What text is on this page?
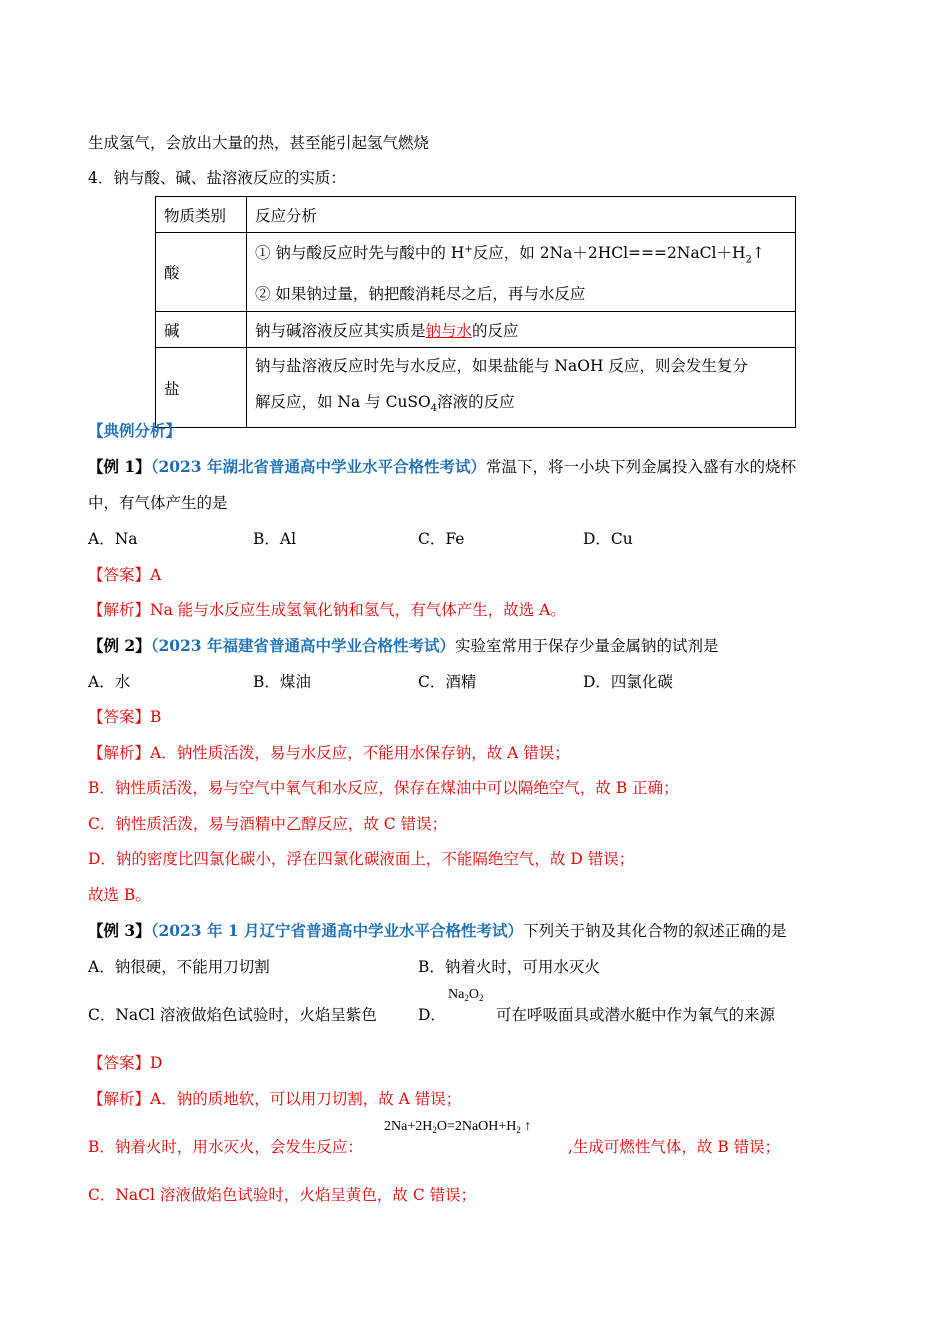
生成氢气，会放出大量的热，甚至能引起氢气燃烧
4．钠与酸、碱、盐溶液反应的实质：
物质类别	反应分析
酸	① 钠与酸反应时先与酸中的 H+反应，如 $2Na+2HCl===2NaCl+H_2↑$
② 如果钠过量，钠把酸消耗尽之后，再与水反应

碱	钠与碱溶液反应其实质是钠与水的反应
盐	钠与盐溶液反应时先与水反应，如果盐能与 NaOH 反应，则会发生复分
解反应，如 Na 与 CuSO$_4$溶液的反应
【典例分析】
【例 1】（2023 年湖北省普通高中学业水平合格性考试）常温下，将一小块下列金属投入盛有水的烧杯
中，有气体产生的是
A．Na	B．Al	C．Fe	D．Cu
【答案】A
【解析】Na 能与水反应生成氢氧化钠和氢气，有气体产生，故选 A。
【例 2】（2023 年福建省普通高中学业合格性考试）实验室常用于保存少量金属钠的试剂是
A．水	B．煤油	C．酒精	D．四氯化碳
【答案】B
【解析】A．钠性质活泼，易与水反应，不能用水保存钠，故 A 错误；
B．钠性质活泼，易与空气中氧气和水反应，保存在煤油中可以隔绝空气，故 B 正确；
C．钠性质活泼，易与酒精中乙醇反应，故 C 错误；
D．钠的密度比四氯化碳小，浮在四氯化碳液面上，不能隔绝空气，故 D 错误；
故选 B。
【例 3】（2023 年 1 月辽宁省普通高中学业水平合格性考试）下列关于钠及其化合物的叙述正确的是
A．钠很硬，不能用刀切割	B．钠着火时，可用水灭火
C．NaCl 溶液做焰色试验时，火焰呈紫色	D．
$Na_2O_2$
可在呼吸面具或潜水艇中作为氧气的来源
【答案】D
【解析】A．钠的质地软，可以用刀切割，故 A 错误；
B．钠着火时，用水灭火，会发生反应：
$2Na+2H_2O=2NaOH+H_2$ ↑
,生成可燃性气体，故 B 错误；
C．NaCl 溶液做焰色试验时，火焰呈黄色，故 C 错误；
